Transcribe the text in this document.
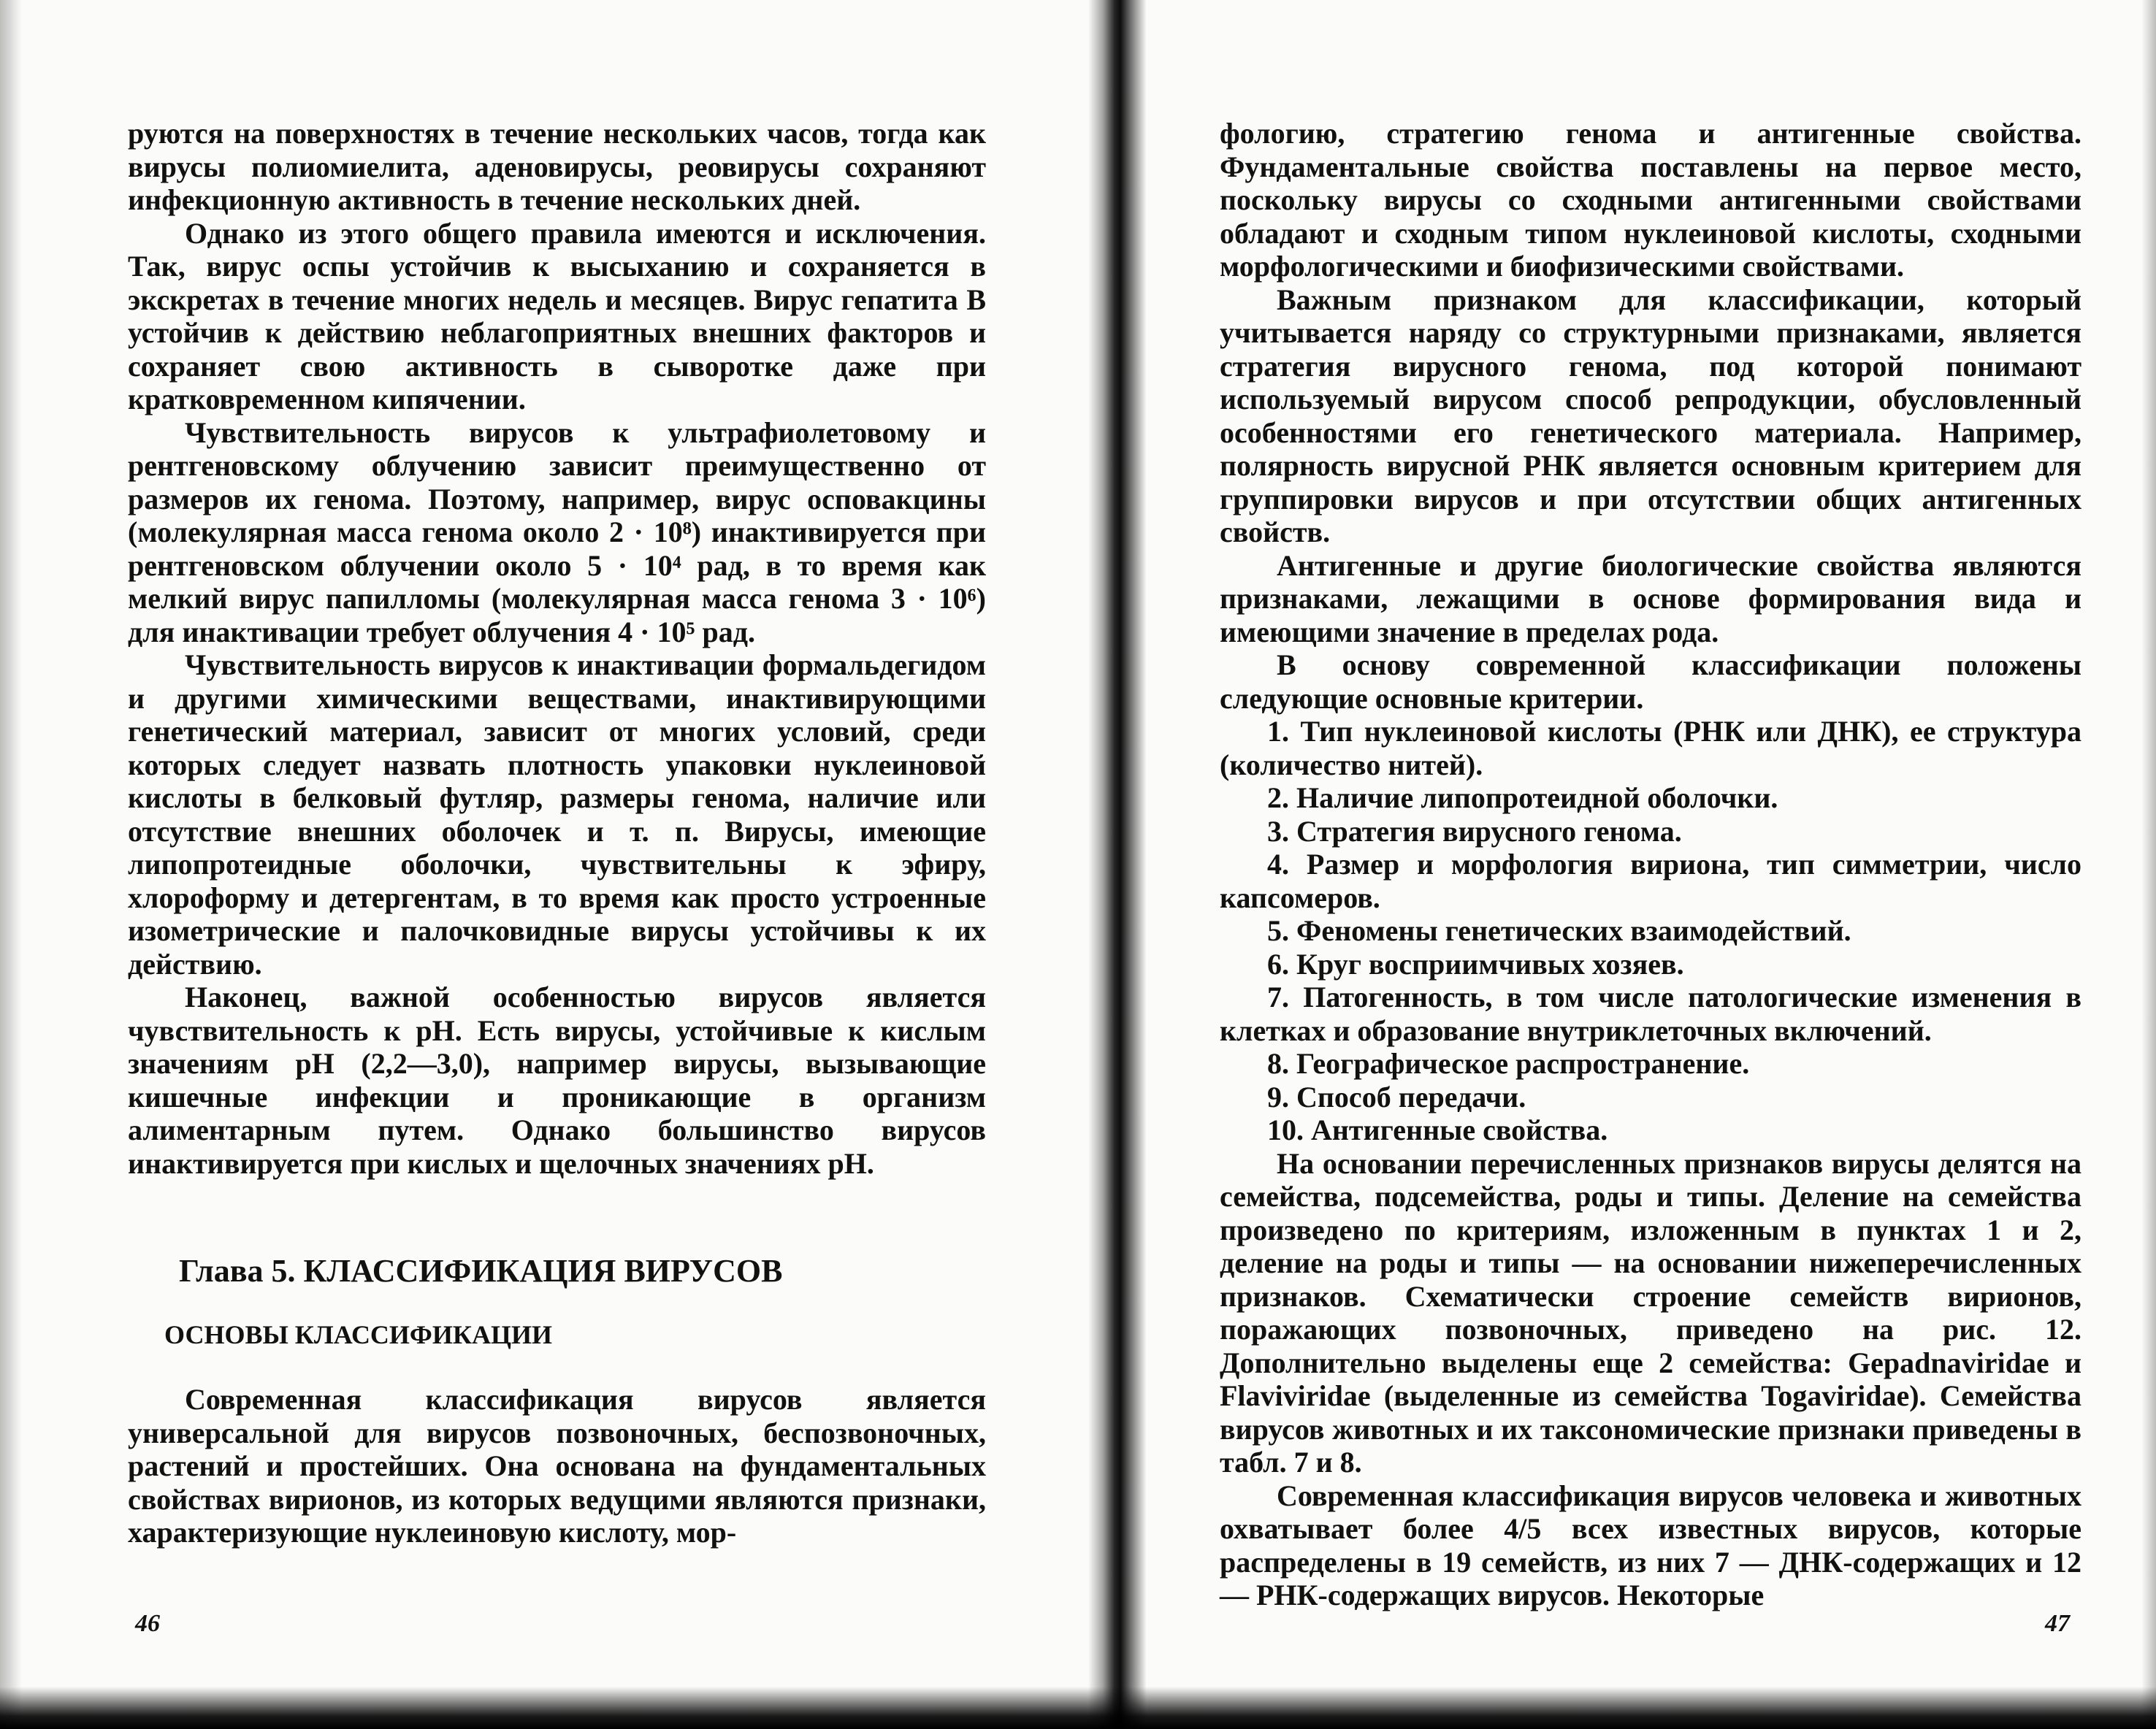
руются на поверхностях в течение нескольких часов, тогда как вирусы полиомиелита, аденовирусы, реовирусы сохраняют инфекционную активность в течение нескольких дней.

Однако из этого общего правила имеются и исключения. Так, вирус оспы устойчив к высыханию и сохраняется в экскретах в течение многих недель и месяцев. Вирус гепатита В устойчив к действию неблагоприятных внешних факторов и сохраняет свою активность в сыворотке даже при кратковременном кипячении.

Чувствительность вирусов к ультрафиолетовому и рентгеновскому облучению зависит преимущественно от размеров их генома. Поэтому, например, вирус осповакцины (молекулярная масса генома около 2 · 10⁸) инактивируется при рентгеновском облучении около 5 · 10⁴ рад, в то время как мелкий вирус папилломы (молекулярная масса генома 3 · 10⁶) для инактивации требует облучения 4 · 10⁵ рад.

Чувствительность вирусов к инактивации формальдегидом и другими химическими веществами, инактивирующими генетический материал, зависит от многих условий, среди которых следует назвать плотность упаковки нуклеиновой кислоты в белковый футляр, размеры генома, наличие или отсутствие внешних оболочек и т. п. Вирусы, имеющие липопротеидные оболочки, чувствительны к эфиру, хлороформу и детергентам, в то время как просто устроенные изометрические и палочковидные вирусы устойчивы к их действию.

Наконец, важной особенностью вирусов является чувствительность к рН. Есть вирусы, устойчивые к кислым значениям рН (2,2—3,0), например вирусы, вызывающие кишечные инфекции и проникающие в организм алиментарным путем. Однако большинство вирусов инактивируется при кислых и щелочных значениях рН.

Глава 5. КЛАССИФИКАЦИЯ ВИРУСОВ
ОСНОВЫ КЛАССИФИКАЦИИ

Современная классификация вирусов является универсальной для вирусов позвоночных, беспозвоночных, растений и простейших. Она основана на фундаментальных свойствах вирионов, из которых ведущими являются признаки, характеризующие нуклеиновую кислоту, мор-

46

фологию, стратегию генома и антигенные свойства. Фундаментальные свойства поставлены на первое место, поскольку вирусы со сходными антигенными свойствами обладают и сходным типом нуклеиновой кислоты, сходными морфологическими и биофизическими свойствами.

Важным признаком для классификации, который учитывается наряду со структурными признаками, является стратегия вирусного генома, под которой понимают используемый вирусом способ репродукции, обусловленный особенностями его генетического материала. Например, полярность вирусной РНК является основным критерием для группировки вирусов и при отсутствии общих антигенных свойств.

Антигенные и другие биологические свойства являются признаками, лежащими в основе формирования вида и имеющими значение в пределах рода.

В основу современной классификации положены следующие основные критерии.

1. Тип нуклеиновой кислоты (РНК или ДНК), ее структура (количество нитей).

2. Наличие липопротеидной оболочки.

3. Стратегия вирусного генома.

4. Размер и морфология вириона, тип симметрии, число капсомеров.

5. Феномены генетических взаимодействий.

6. Круг восприимчивых хозяев.

7. Патогенность, в том числе патологические изменения в клетках и образование внутриклеточных включений.

8. Географическое распространение.

9. Способ передачи.

10. Антигенные свойства.

На основании перечисленных признаков вирусы делятся на семейства, подсемейства, роды и типы. Деление на семейства произведено по критериям, изложенным в пунктах 1 и 2, деление на роды и типы — на основании нижеперечисленных признаков. Схематически строение семейств вирионов, поражающих позвоночных, приведено на рис. 12. Дополнительно выделены еще 2 семейства: Gepadnaviridae и Flaviviridae (выделенные из семейства Togaviridae). Семейства вирусов животных и их таксономические признаки приведены в табл. 7 и 8.

Современная классификация вирусов человека и животных охватывает более 4/5 всех известных вирусов, которые распределены в 19 семейств, из них 7 — ДНК-содержащих и 12 — РНК-содержащих вирусов. Некоторые

47
